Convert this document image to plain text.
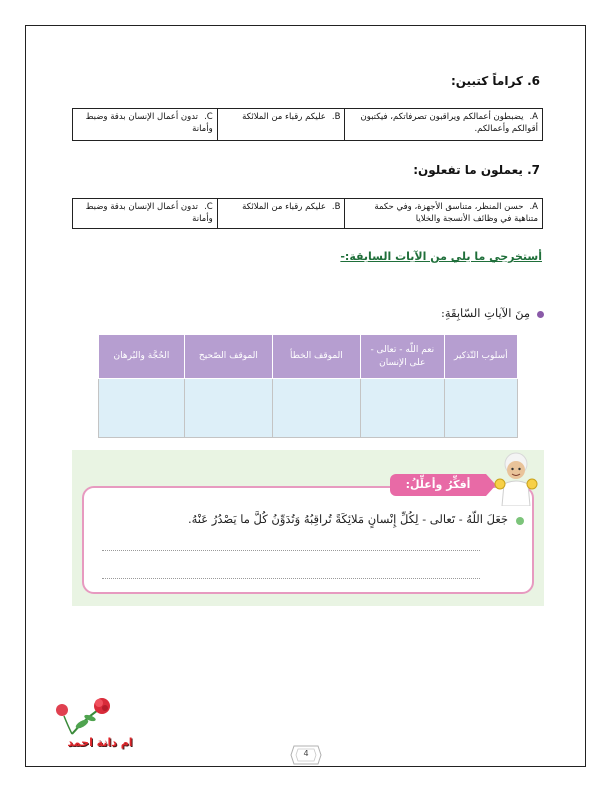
6. كراماً كتبين:
A.يضبطون أعمالكم ويراقبون تصرفاتكم، فيكتبون أقوالكم وأعمالكم.	B.عليكم رقباء من الملائكة	C.تدون أعمال الإنسان بدقة وضبط وأمانة
7. يعملون ما تفعلون:
A.حسن المنظر، متناسق الأجهزة، وفي حكمة متناهية في وظائف الأنسجة والخلايا	B.عليكم رقباء من الملائكة	C.تدون أعمال الإنسان بدقة وضبط وأمانة
أستخرجي ما يلي من الآيات السابقة:-
مِنَ الآياتِ السّابِقَةِ:
أسلوب التّذكير	نعم اللّه - تعالى - على الإنسان	الموقف الخطأ	الموقف الصّحيح	الحُجَّة والبُرهان

أفكِّرُ وأعلِّلُ:
جَعَلَ اللّهُ - تَعالى - لِكُلِّ إِنْسانٍ مَلائِكَةً تُراقِبُهُ وَتُدَوِّنُ كُلَّ ما يَصْدُرُ عَنْهُ.
ام دانة احمد
4
